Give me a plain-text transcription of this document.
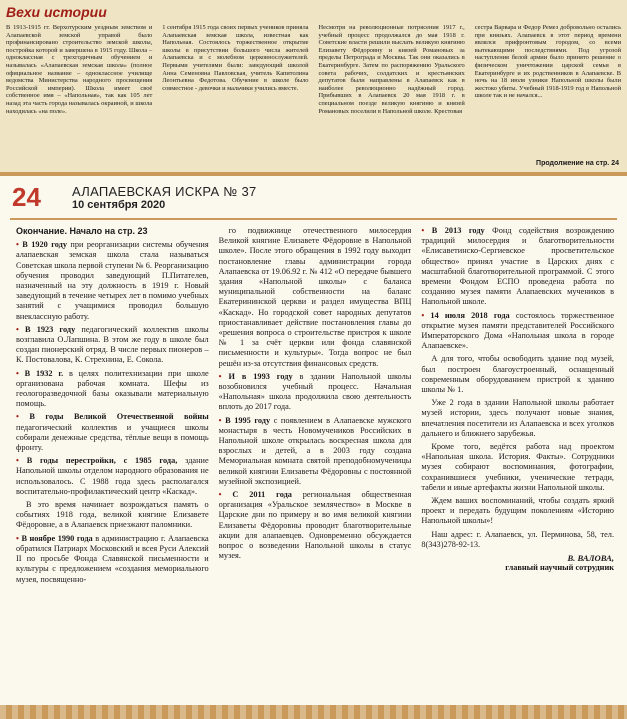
Вехи истории

В 1913-1915 гг. Верхотурским уездным земством и Алапаевской земской управой было профинансировано строительство земской школы, постройка которой и завершена в 1915 году. Школа – одноклассная с трехгодичным обучением и называлась «Алапаевская земская школа» (полное официальное название – одноклассное училище ведомства Министерства народного просвещения Российской империи). Школа имеет своё собственное имя – «Напольная», так как 105 лет назад эта часть города называлась окраиной, и школа находилась «на поле».

1 сентября 1915 года своих первых учеников приняла Алапаевская земская школа, известная как Напольная. Состоялось торжественное открытие школы в присутствии большого числа жителей Алапаевска и с молебном церковнослужителей. Первыми учителями были: заведующий школой Анна Семеновна Павловская, учитель Капитолина Леонтьевна Федотова. Обучение в школе было совместное - девочки и мальчики учились вместе.

Несмотря на революционные потрясения 1917 г., учебный процесс продолжался до мая 1918 г. Советские власти решили выслать великую княгиню Елизавету Фёдоровну и князей Романовых за пределы Петрограда и Москвы. Так они оказались в Екатеринбурге. Затем по распоряжению Уральского совета рабочих, солдатских и крестьянских депутатов были направлены в Алапаевск как в наиболее революционно надёжный город. Прибывших в Алапаевск 20 мая 1918 г. в специальном поезде великую княгиню и князей Романовых поселили в Напольной школе. Крестовая

сестра Варвара и Федор Ремез добровольно остались при князьях. Алапаевск в этот период времени являлся прифронтовым городом, со всеми вытекающими последствиями. Под угрозой наступления белой армии было принято решение о физическом уничтожении царской семьи в Екатеринбурге и их родственников в Алапаевске. В ночь на 18 июля узники Напольной школы были жестоко убиты. Учебный 1918-1919 год в Напольной школе так и не начался...

Продолжение на стр. 24
24 АЛАПАЕВСКАЯ ИСКРА № 37
10 сентября 2020
Окончание. Начало на стр. 23

• В 1920 году при реорганизации системы обучения алапаевская земская школа стала называться Советская школа первой ступени № 6. Реорганизацию обучения проводил заведующий П.Питателев, назначенный на эту должность в 1919 г. Новый заведующий в течение четырех лет в помимо учебных занятий с учащимися проводил большую внеклассную работу.

• В 1923 году педагогический коллектив школы возглавила О.Лапшина. В этом же году в школе был создан пионерский отряд. В числе первых пионеров – К. Постовалова, К. Стрехнина, Е. Сокола.

• В 1932 г. в целях политехнизации при школе организована рабочая комната. Шефы из геологоразведочной базы оказывали материальную помощь.

• В годы Великой Отечественной войны педагогический коллектив и учащиеся школы собирали денежные средства, тёплые вещи в помощь фронту.

• В годы перестройки, с 1985 года, здание Напольной школы отделом народного образования не использовалось. С 1988 года здесь располагался воспитательно-профилактический центр «Каскад».

В это время начинает возрождаться память о событиях 1918 года, великой княгине Елизавете Фёдоровне, а в Алапаевск приезжают паломники.

• В ноябре 1990 года в администрацию г. Алапаевска обратился Патриарх Московский и всея Руси Алексий II по просьбе Фонда Славянской письменности и культуры с предложением «создания мемориального музея, посвященно-

го подвижнице отечественного милосердия Великой княгине Елизавете Фёдоровне в Напольной школе». После этого обращения в 1992 году выходит постановление главы администрации города Алапаевска от 19.06.92 г. № 412 «О передаче бывшего здания «Напольной школы» с баланса муниципальной собственности на баланс Екатерининской церкви и раздел имущества ВПЦ «Каскад». Но городской совет народных депутатов приостанавливает действие постановления главы до «решения вопроса о строительстве пристроя к школе № 1 за счёт церкви или фонда славянской письменности и культуры». Тогда вопрос не был решён из-за отсутствия финансовых средств.

• И в 1993 году в здании Напольной школы возобновился учебный процесс. Начальная «Напольная» школа продолжила свою деятельность вплоть до 2017 года.

• В 1995 году с появлением в Алапаевске мужского монастыря в честь Новомучеников Российских в Напольной школе открылась воскресная школа для взрослых и детей, а в 2003 году создана Мемориальная комната святой преподобномученицы великой княгини Елизаветы Фёдоровны с постоянной музейной экспозицией.

• С 2011 года региональная общественная организация «Уральское землячество» в Москве в Царские дни по примеру и во имя великой княгини Елизаветы Фёдоровны проводит благотворительные акции для алапаевцев. Одновременно обсуждается вопрос о возведении Напольной школы в статус музея.

• В 2013 году Фонд содействия возрождению традиций милосердия и благотворительности «Елисаветинско-Сергиевское просветительское общество» принял участие в Царских днях с масштабной благотворительной программой. С этого времени Фондом ЕСПО проведена работа по созданию музея памяти Алапаевских мучеников в Напольной школе.

• 14 июля 2018 года состоялось торжественное открытие музея памяти представителей Российского Императорского Дома «Напольная школа в городе Алапаевске».

А для того, чтобы освободить здание под музей, был построен благоустроенный, оснащенный современным оборудованием пристрой к зданию школы № 1.

Уже 2 года в здании Напольной школы работает музей истории, здесь получают новые знания, впечатления посетители из Алапаевска и всех уголков дальнего и ближнего зарубежья.

Кроме того, ведётся работа над проектом «Напольная школа. История. Факты». Сотрудники музея собирают воспоминания, фотографии, сохранившиеся учебники, ученические тетради, табели и иные артефакты жизни Напольной школы.

Ждем ваших воспоминаний, чтобы создать яркий проект и передать будущим поколениям «Историю Напольной школы»!

Наш адрес: г. Алапаевск, ул. Перминова, 58, тел. 8(343)278-92-13.

В. ВАЛОВА,
главный научный сотрудник
